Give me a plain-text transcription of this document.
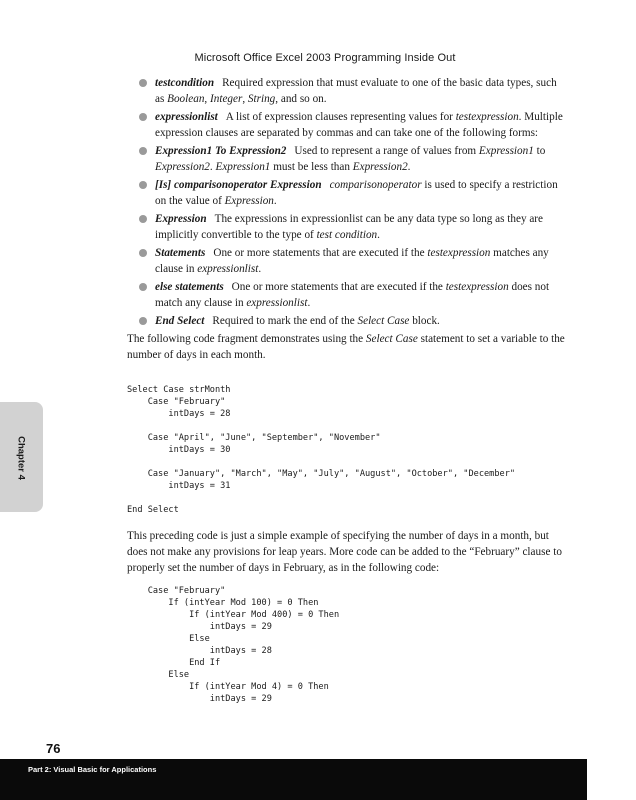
Microsoft Office Excel 2003 Programming Inside Out
testcondition Required expression that must evaluate to one of the basic data types, such as Boolean, Integer, String, and so on.
expressionlist A list of expression clauses representing values for testexpression. Multiple expression clauses are separated by commas and can take one of the following forms:
Expression1 To Expression2 Used to represent a range of values from Expression1 to Expression2. Expression1 must be less than Expression2.
[Is] comparisonoperator Expression comparisonoperator is used to specify a restriction on the value of Expression.
Expression The expressions in expressionlist can be any data type so long as they are implicitly convertible to the type of test condition.
Statements One or more statements that are executed if the testexpression matches any clause in expressionlist.
else statements One or more statements that are executed if the testexpression does not match any clause in expressionlist.
End Select Required to mark the end of the Select Case block.

The following code fragment demonstrates using the Select Case statement to set a variable to the number of days in each month.

Select Case strMonth
Case "February"
intDays = 28

Case "April", "June", "September", "November"
intDays = 30

Case "January", "March", "May", "July", "August", "October", "December"
intDays = 31

End Select

This preceding code is just a simple example of specifying the number of days in a month, but does not make any provisions for leap years. More code can be added to the “February” clause to properly set the number of days in February, as in the following code:

Case "February"
If (intYear Mod 100) = 0 Then
If (intYear Mod 400) = 0 Then
intDays = 29
Else
intDays = 28
End If
Else
If (intYear Mod 4) = 0 Then
intDays = 29
Chapter 4
76
Part 2: Visual Basic for Applications
